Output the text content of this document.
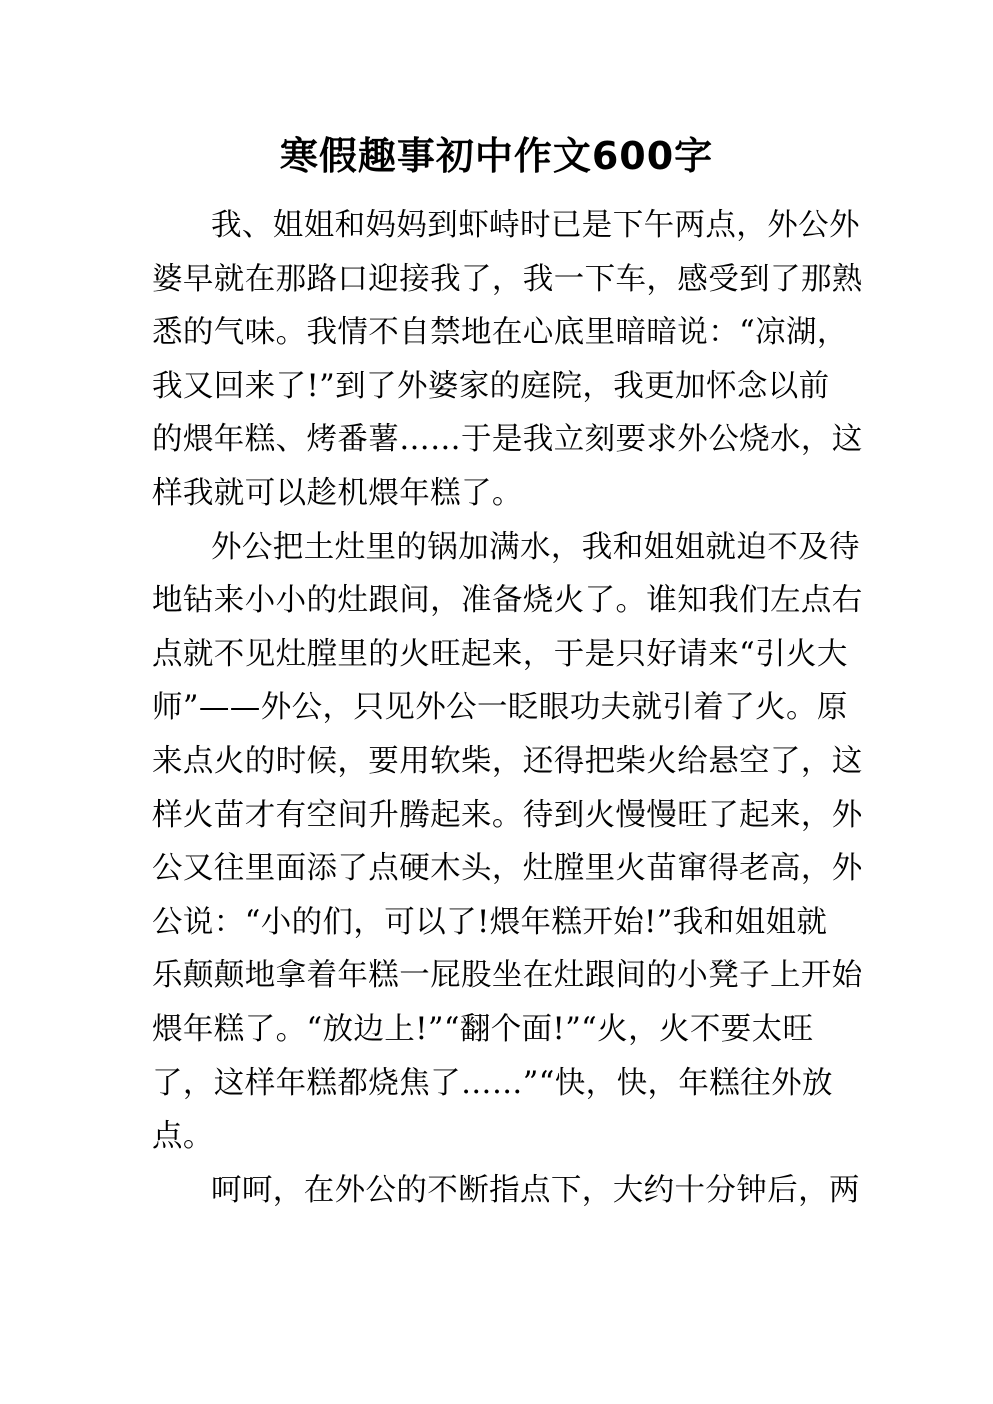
寒假趣事初中作文600字
我、姐姐和妈妈到虾峙时已是下午两点，外公外
婆早就在那路口迎接我了，我一下车，感受到了那熟
悉的气味。我情不自禁地在心底里暗暗说：“凉湖，
我又回来了!”到了外婆家的庭院，我更加怀念以前
的煨年糕、烤番薯……于是我立刻要求外公烧水，这
样我就可以趁机煨年糕了。
外公把土灶里的锅加满水，我和姐姐就迫不及待
地钻来小小的灶跟间，准备烧火了。谁知我们左点右
点就不见灶膛里的火旺起来，于是只好请来“引火大
师”——外公，只见外公一眨眼功夫就引着了火。原
来点火的时候，要用软柴，还得把柴火给悬空了，这
样火苗才有空间升腾起来。待到火慢慢旺了起来，外
公又往里面添了点硬木头，灶膛里火苗窜得老高，外
公说：“小的们，可以了!煨年糕开始!”我和姐姐就
乐颠颠地拿着年糕一屁股坐在灶跟间的小凳子上开始
煨年糕了。“放边上!”“翻个面!”“火，火不要太旺
了，这样年糕都烧焦了……”“快，快，年糕往外放
点。
呵呵，在外公的不断指点下，大约十分钟后，两
